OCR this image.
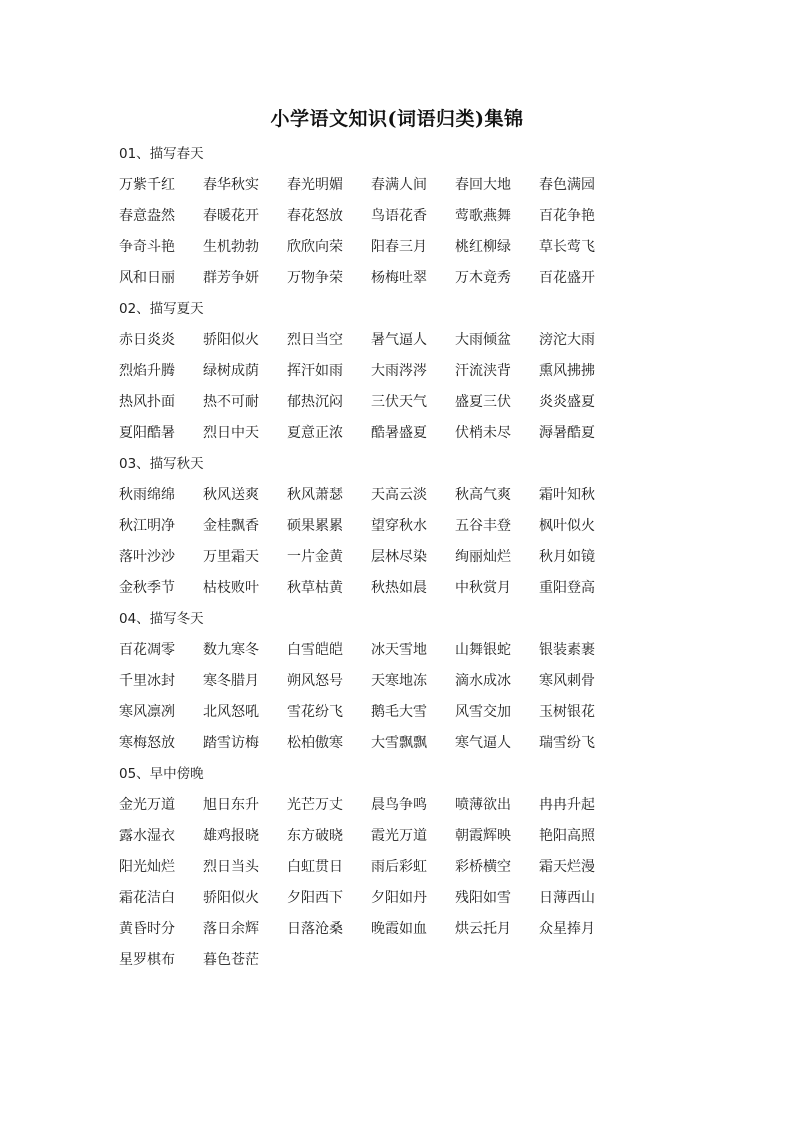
小学语文知识(词语归类)集锦
01、描写春天
万紫千红	春华秋实	春光明媚	春满人间	春回大地	春色满园
春意盎然	春暖花开	春花怒放	鸟语花香	莺歌燕舞	百花争艳
争奇斗艳	生机勃勃	欣欣向荣	阳春三月	桃红柳绿	草长莺飞
风和日丽	群芳争妍	万物争荣	杨梅吐翠	万木竟秀	百花盛开
02、描写夏天
赤日炎炎	骄阳似火	烈日当空	暑气逼人	大雨倾盆	滂沱大雨
烈焰升腾	绿树成荫	挥汗如雨	大雨涔涔	汗流浃背	熏风拂拂
热风扑面	热不可耐	郁热沉闷	三伏天气	盛夏三伏	炎炎盛夏
夏阳酷暑	烈日中天	夏意正浓	酷暑盛夏	伏梢未尽	溽暑酷夏
03、描写秋天
秋雨绵绵	秋风送爽	秋风萧瑟	天高云淡	秋高气爽	霜叶知秋
秋江明净	金桂飘香	硕果累累	望穿秋水	五谷丰登	枫叶似火
落叶沙沙	万里霜天	一片金黄	层林尽染	绚丽灿烂	秋月如镜
金秋季节	枯枝败叶	秋草枯黄	秋热如晨	中秋赏月	重阳登高
04、描写冬天
百花凋零	数九寒冬	白雪皑皑	冰天雪地	山舞银蛇	银装素裹
千里冰封	寒冬腊月	朔风怒号	天寒地冻	滴水成冰	寒风刺骨
寒风凛冽	北风怒吼	雪花纷飞	鹅毛大雪	风雪交加	玉树银花
寒梅怒放	踏雪访梅	松柏傲寒	大雪飘飘	寒气逼人	瑞雪纷飞
05、早中傍晚
金光万道	旭日东升	光芒万丈	晨鸟争鸣	喷薄欲出	冉冉升起
露水湿衣	雄鸡报晓	东方破晓	霞光万道	朝霞辉映	艳阳高照
阳光灿烂	烈日当头	白虹贯日	雨后彩虹	彩桥横空	霜天烂漫
霜花洁白	骄阳似火	夕阳西下	夕阳如丹	残阳如雪	日薄西山
黄昏时分	落日余辉	日落沧桑	晚霞如血	烘云托月	众星捧月
星罗棋布	暮色苍茫
